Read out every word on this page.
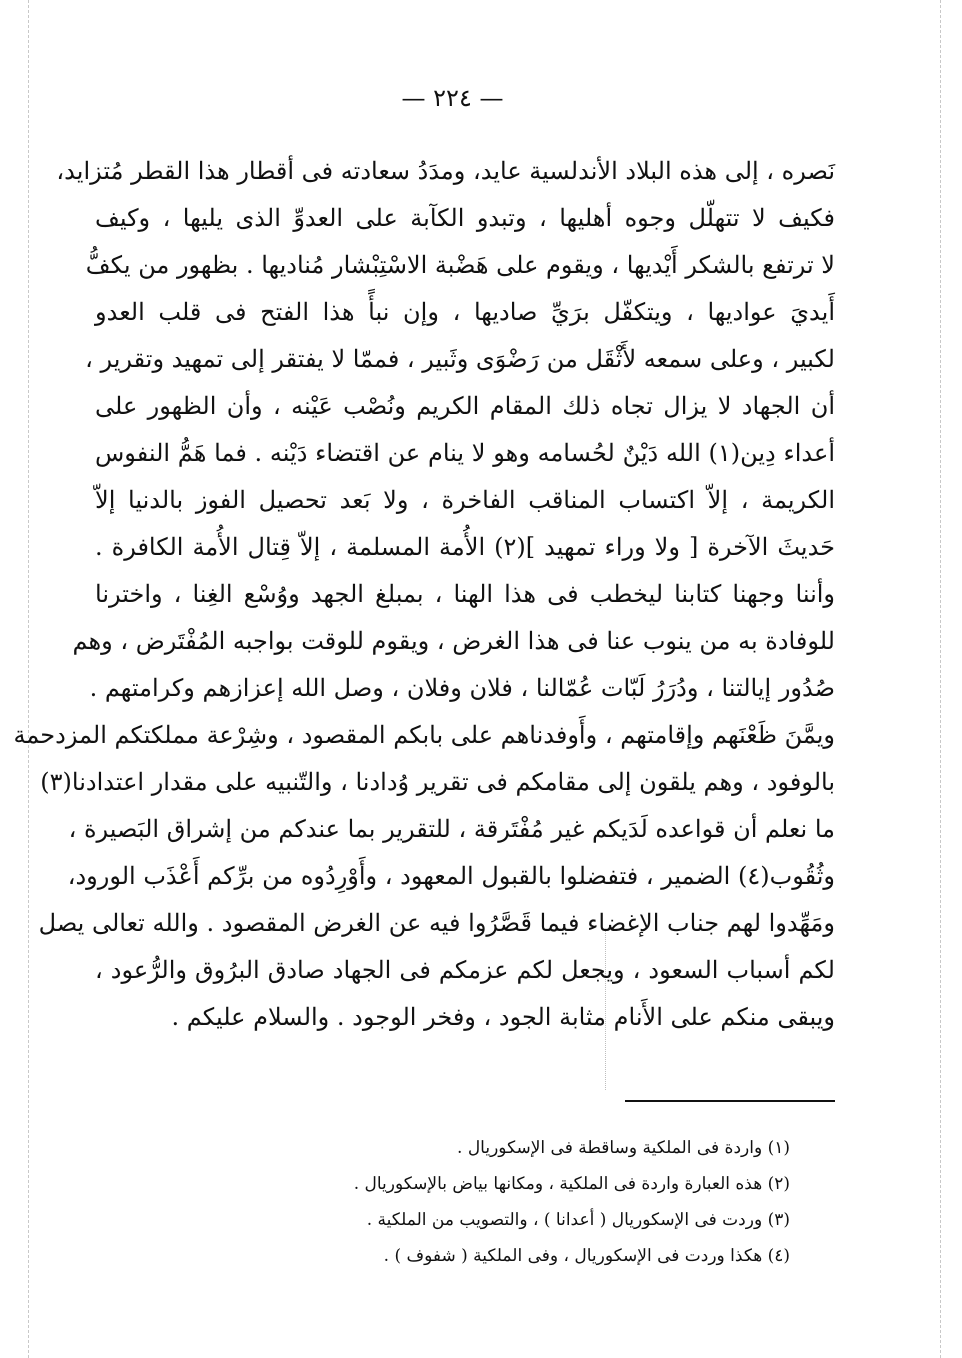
— ٢٢٤ —
نَصره ، إلى هذه البلاد الأندلسية عايد، ومدَدُ سعادته فى أقطار هذا القطر مُتزايد،
فكيف لا تتهلّل وجوه أهليها ، وتبدو الكآبة على العدوِّ الذى يليها ، وكيف
لا ترتفع بالشكر أَيْديها ، ويقوم على هَضْبة الاسْتِبْشار مُناديها . بظهور من يكفُّ
أَيديَ عواديها ، ويتكفّل برَيِّ صاديها ، وإن نبأً هذا الفتح فى قلب العدو
لكبير ، وعلى سمعه لأَثْقَل من رَضْوَى وثَبير ، فممّا لا يفتقر إلى تمهيد وتقرير ،
أن الجهاد لا يزال تجاه ذلك المقام الكريم ونُصْب عَيْنه ، وأن الظهور على
أعداء دِين(١) الله دَيْنٌ لحُسامه وهو لا ينام عن اقتضاء دَيْنه . فما هَمُّ النفوس
الكريمة ، إلاّ اكتساب المناقب الفاخرة ، ولا بَعد تحصيل الفوز بالدنيا إلاّ
حَديثَ الآخرة [ ولا وراء تمهيد ](٢) الأُمة المسلمة ، إلاّ قِتال الأُمة الكافرة .
وأننا وجهنا كتابنا ليخطب فى هذا الهنا ، بمبلغ الجهد ووُسْع الغِنا ، واخترنا
للوفادة به من ينوب عنا فى هذا الغرض ، ويقوم للوقت بواجبه المُفْتَرض ، وهم
صُدُور إيالتنا ، ودُرَرُ لَبّات عُمّالنا ، فلان وفلان ، وصل الله إعزازهم وكرامتهم .
ويمَّنَ ظَعْنَهم وإقامتهم ، وأَوفدناهم على بابكم المقصود ، وشِرْعة مملكتكم المزدحمة
بالوفود ، وهم يلقون إلى مقامكم فى تقرير وُدادنا ، والتّنبيه على مقدار اعتدادنا(٣)
ما نعلم أن قواعده لَدَيكم غير مُفْتَرقة ، للتقرير بما عندكم من إشراق البَصيرة ،
وثُقُوب(٤) الضمير ، فتفضلوا بالقبول المعهود ، وأَوْرِدُوه من برِّكم أَعْذَب الورود،
ومَهِّدوا لهم جناب الإغضاء فيما قَصَّرُوا فيه عن الغرض المقصود . والله تعالى يصل
لكم أسباب السعود ، ويجعل لكم عزمكم فى الجهاد صادق البرُوق والرُّعود ،
ويبقى منكم على الأَنام مثابة الجود ، وفخر الوجود . والسلام عليكم .
(١) واردة فى الملكية وساقطة فى الإسكوريال .
(٢) هذه العبارة واردة فى الملكية ، ومكانها بياض بالإسكوريال .
(٣) وردت فى الإسكوريال ( أعدانا ) ، والتصويب من الملكية .
(٤) هكذا وردت فى الإسكوريال ، وفى الملكية ( شفوف ) .
